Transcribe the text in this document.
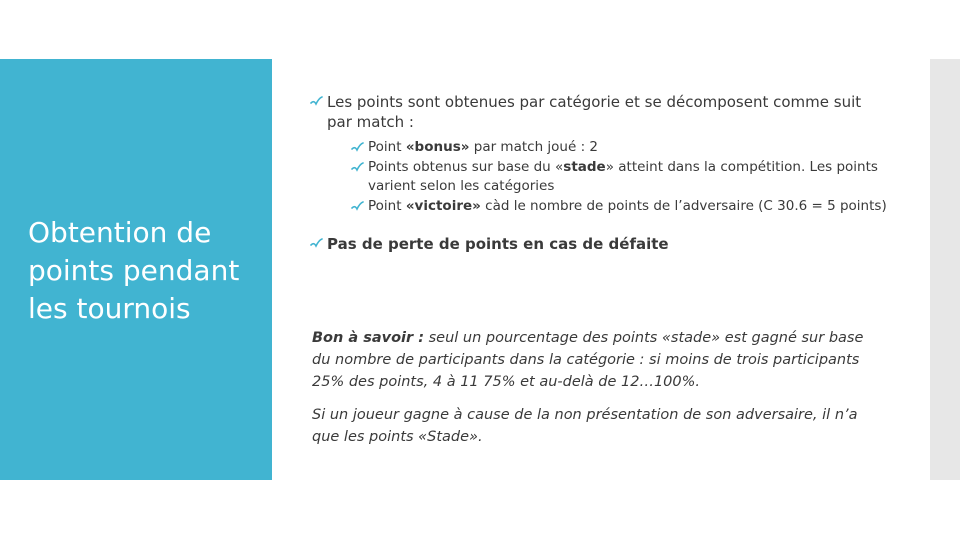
Obtention de points pendant les tournois
Les points sont obtenues par catégorie et se décomposent comme suit par match :
Point «bonus» par match joué : 2
Points obtenus sur base du «stade» atteint dans la compétition. Les points varient selon les catégories
Point «victoire» càd le nombre de points de l’adversaire (C 30.6 = 5 points)
Pas de perte de points en cas de défaite

Bon à savoir : seul un pourcentage des points «stade» est gagné sur base du nombre de participants dans la catégorie : si moins de trois participants 25% des points, 4 à 11 75% et au-delà de 12…100%.

Si un joueur gagne à cause de la non présentation de son adversaire, il n’a que les points «Stade».
